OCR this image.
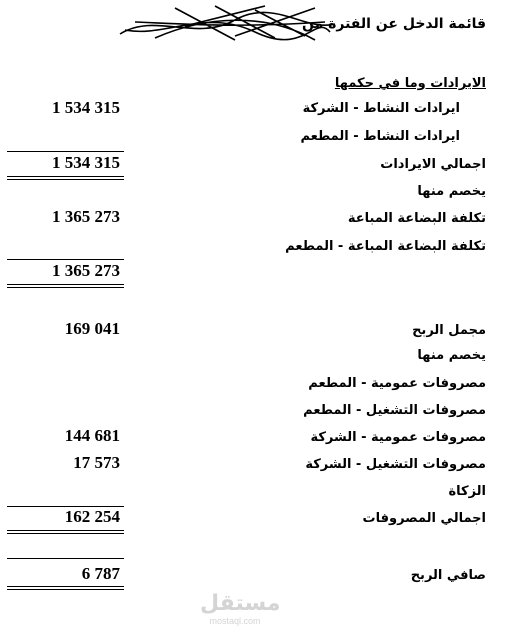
قائمة الدخل عن الفترة من
الايرادات وما في حكمها
ايرادات النشاط - الشركة
1 534 315
ايرادات النشاط - المطعم
اجمالي الايرادات
1 534 315
يخصم منها
تكلفة البضاعة المباعة
1 365 273
تكلفة البضاعة المباعة - المطعم
1 365 273
مجمل الربح
169 041
يخصم منها
مصروفات عمومية - المطعم
مصروفات التشغيل - المطعم
مصروفات عمومية - الشركة
144 681
مصروفات التشغيل - الشركة
17 573
الزكاة
اجمالي المصروفات
162 254
صافي الربح
6 787
مستقل
mostaql.com
